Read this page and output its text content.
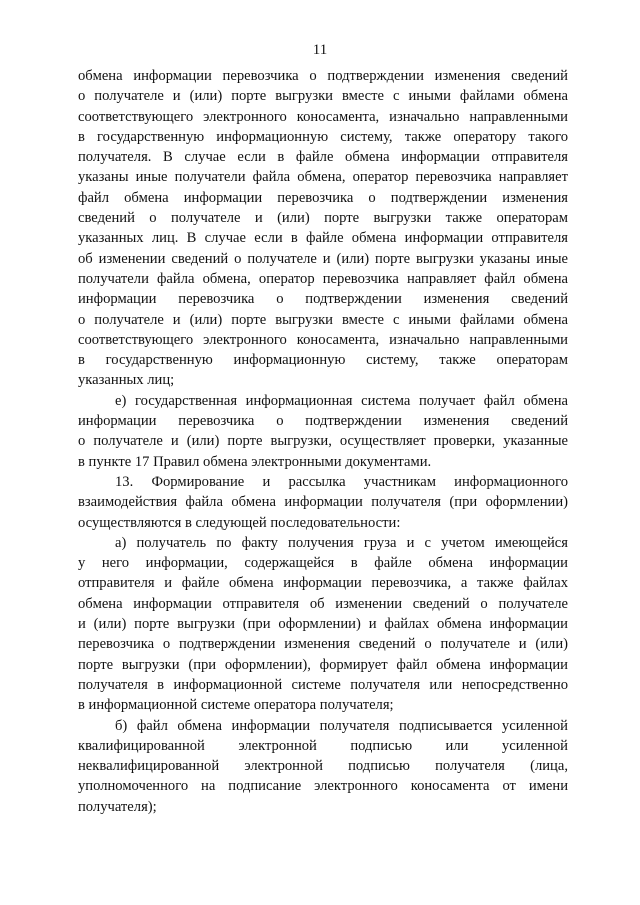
11
обмена информации перевозчика о подтверждении изменения сведений
о получателе и (или) порте выгрузки вместе с иными файлами обмена
соответствующего электронного коносамента, изначально направленными
в государственную информационную систему, также оператору такого
получателя. В случае если в файле обмена информации отправителя
указаны иные получатели файла обмена, оператор перевозчика направляет
файл обмена информации перевозчика о подтверждении изменения
сведений о получателе и (или) порте выгрузки также операторам
указанных лиц. В случае если в файле обмена информации отправителя
об изменении сведений о получателе и (или) порте выгрузки указаны иные
получатели файла обмена, оператор перевозчика направляет файл обмена
информации перевозчика о подтверждении изменения сведений
о получателе и (или) порте выгрузки вместе с иными файлами обмена
соответствующего электронного коносамента, изначально направленными
в государственную информационную систему, также операторам
указанных лиц;
е) государственная информационная система получает файл обмена
информации перевозчика о подтверждении изменения сведений
о получателе и (или) порте выгрузки, осуществляет проверки, указанные
в пункте 17 Правил обмена электронными документами.
13. Формирование и рассылка участникам информационного
взаимодействия файла обмена информации получателя (при оформлении)
осуществляются в следующей последовательности:
а) получатель по факту получения груза и с учетом имеющейся
у него информации, содержащейся в файле обмена информации
отправителя и файле обмена информации перевозчика, а также файлах
обмена информации отправителя об изменении сведений о получателе
и (или) порте выгрузки (при оформлении) и файлах обмена информации
перевозчика о подтверждении изменения сведений о получателе и (или)
порте выгрузки (при оформлении), формирует файл обмена информации
получателя в информационной системе получателя или непосредственно
в информационной системе оператора получателя;
б) файл обмена информации получателя подписывается усиленной
квалифицированной электронной подписью или усиленной
неквалифицированной электронной подписью получателя (лица,
уполномоченного на подписание электронного коносамента от имени
получателя);
